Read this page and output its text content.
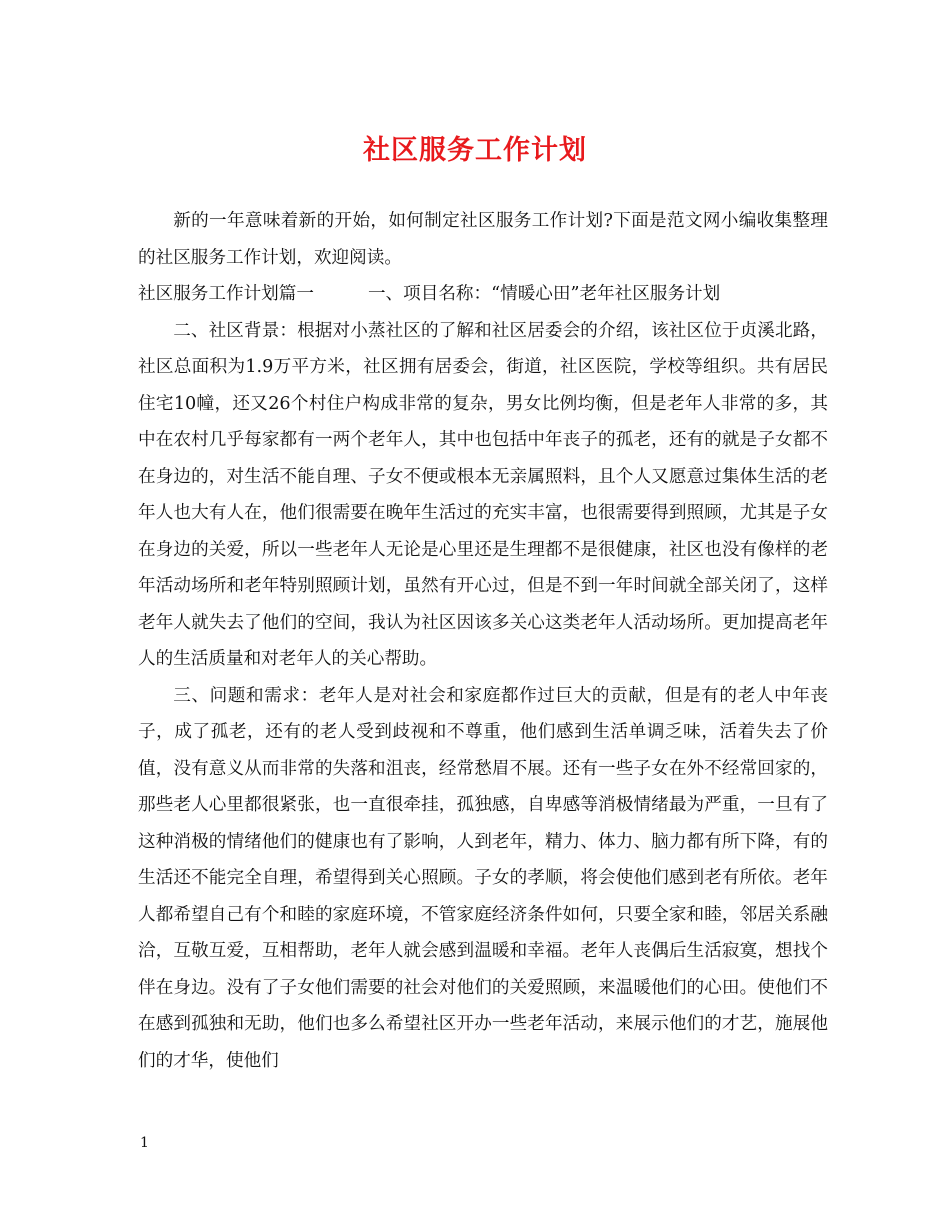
社区服务工作计划

新的一年意味着新的开始，如何制定社区服务工作计划?下面是范文网小编收集整理的社区服务工作计划，欢迎阅读。

社区服务工作计划篇一	一、项目名称：“情暖心田”老年社区服务计划

二、社区背景：根据对小蒸社区的了解和社区居委会的介绍，该社区位于贞溪北路，社区总面积为1.9万平方米，社区拥有居委会，街道，社区医院，学校等组织。共有居民住宅10幢，还又26个村住户构成非常的复杂，男女比例均衡，但是老年人非常的多，其中在农村几乎每家都有一两个老年人，其中也包括中年丧子的孤老，还有的就是子女都不在身边的，对生活不能自理、子女不便或根本无亲属照料，且个人又愿意过集体生活的老年人也大有人在，他们很需要在晚年生活过的充实丰富，也很需要得到照顾，尤其是子女在身边的关爱，所以一些老年人无论是心里还是生理都不是很健康，社区也没有像样的老年活动场所和老年特别照顾计划，虽然有开心过，但是不到一年时间就全部关闭了，这样老年人就失去了他们的空间，我认为社区因该多关心这类老年人活动场所。更加提高老年人的生活质量和对老年人的关心帮助。

三、问题和需求：老年人是对社会和家庭都作过巨大的贡献，但是有的老人中年丧子，成了孤老，还有的老人受到歧视和不尊重，他们感到生活单调乏味，活着失去了价值，没有意义从而非常的失落和沮丧，经常愁眉不展。还有一些子女在外不经常回家的，那些老人心里都很紧张，也一直很牵挂，孤独感，自卑感等消极情绪最为严重，一旦有了这种消极的情绪他们的健康也有了影响，人到老年，精力、体力、脑力都有所下降，有的生活还不能完全自理，希望得到关心照顾。子女的孝顺，将会使他们感到老有所依。老年人都希望自己有个和睦的家庭环境，不管家庭经济条件如何，只要全家和睦，邻居关系融洽，互敬互爱，互相帮助，老年人就会感到温暖和幸福。老年人丧偶后生活寂寞，想找个伴在身边。没有了子女他们需要的社会对他们的关爱照顾，来温暖他们的心田。使他们不在感到孤独和无助，他们也多么希望社区开办一些老年活动，来展示他们的才艺，施展他们的才华，使他们

1
